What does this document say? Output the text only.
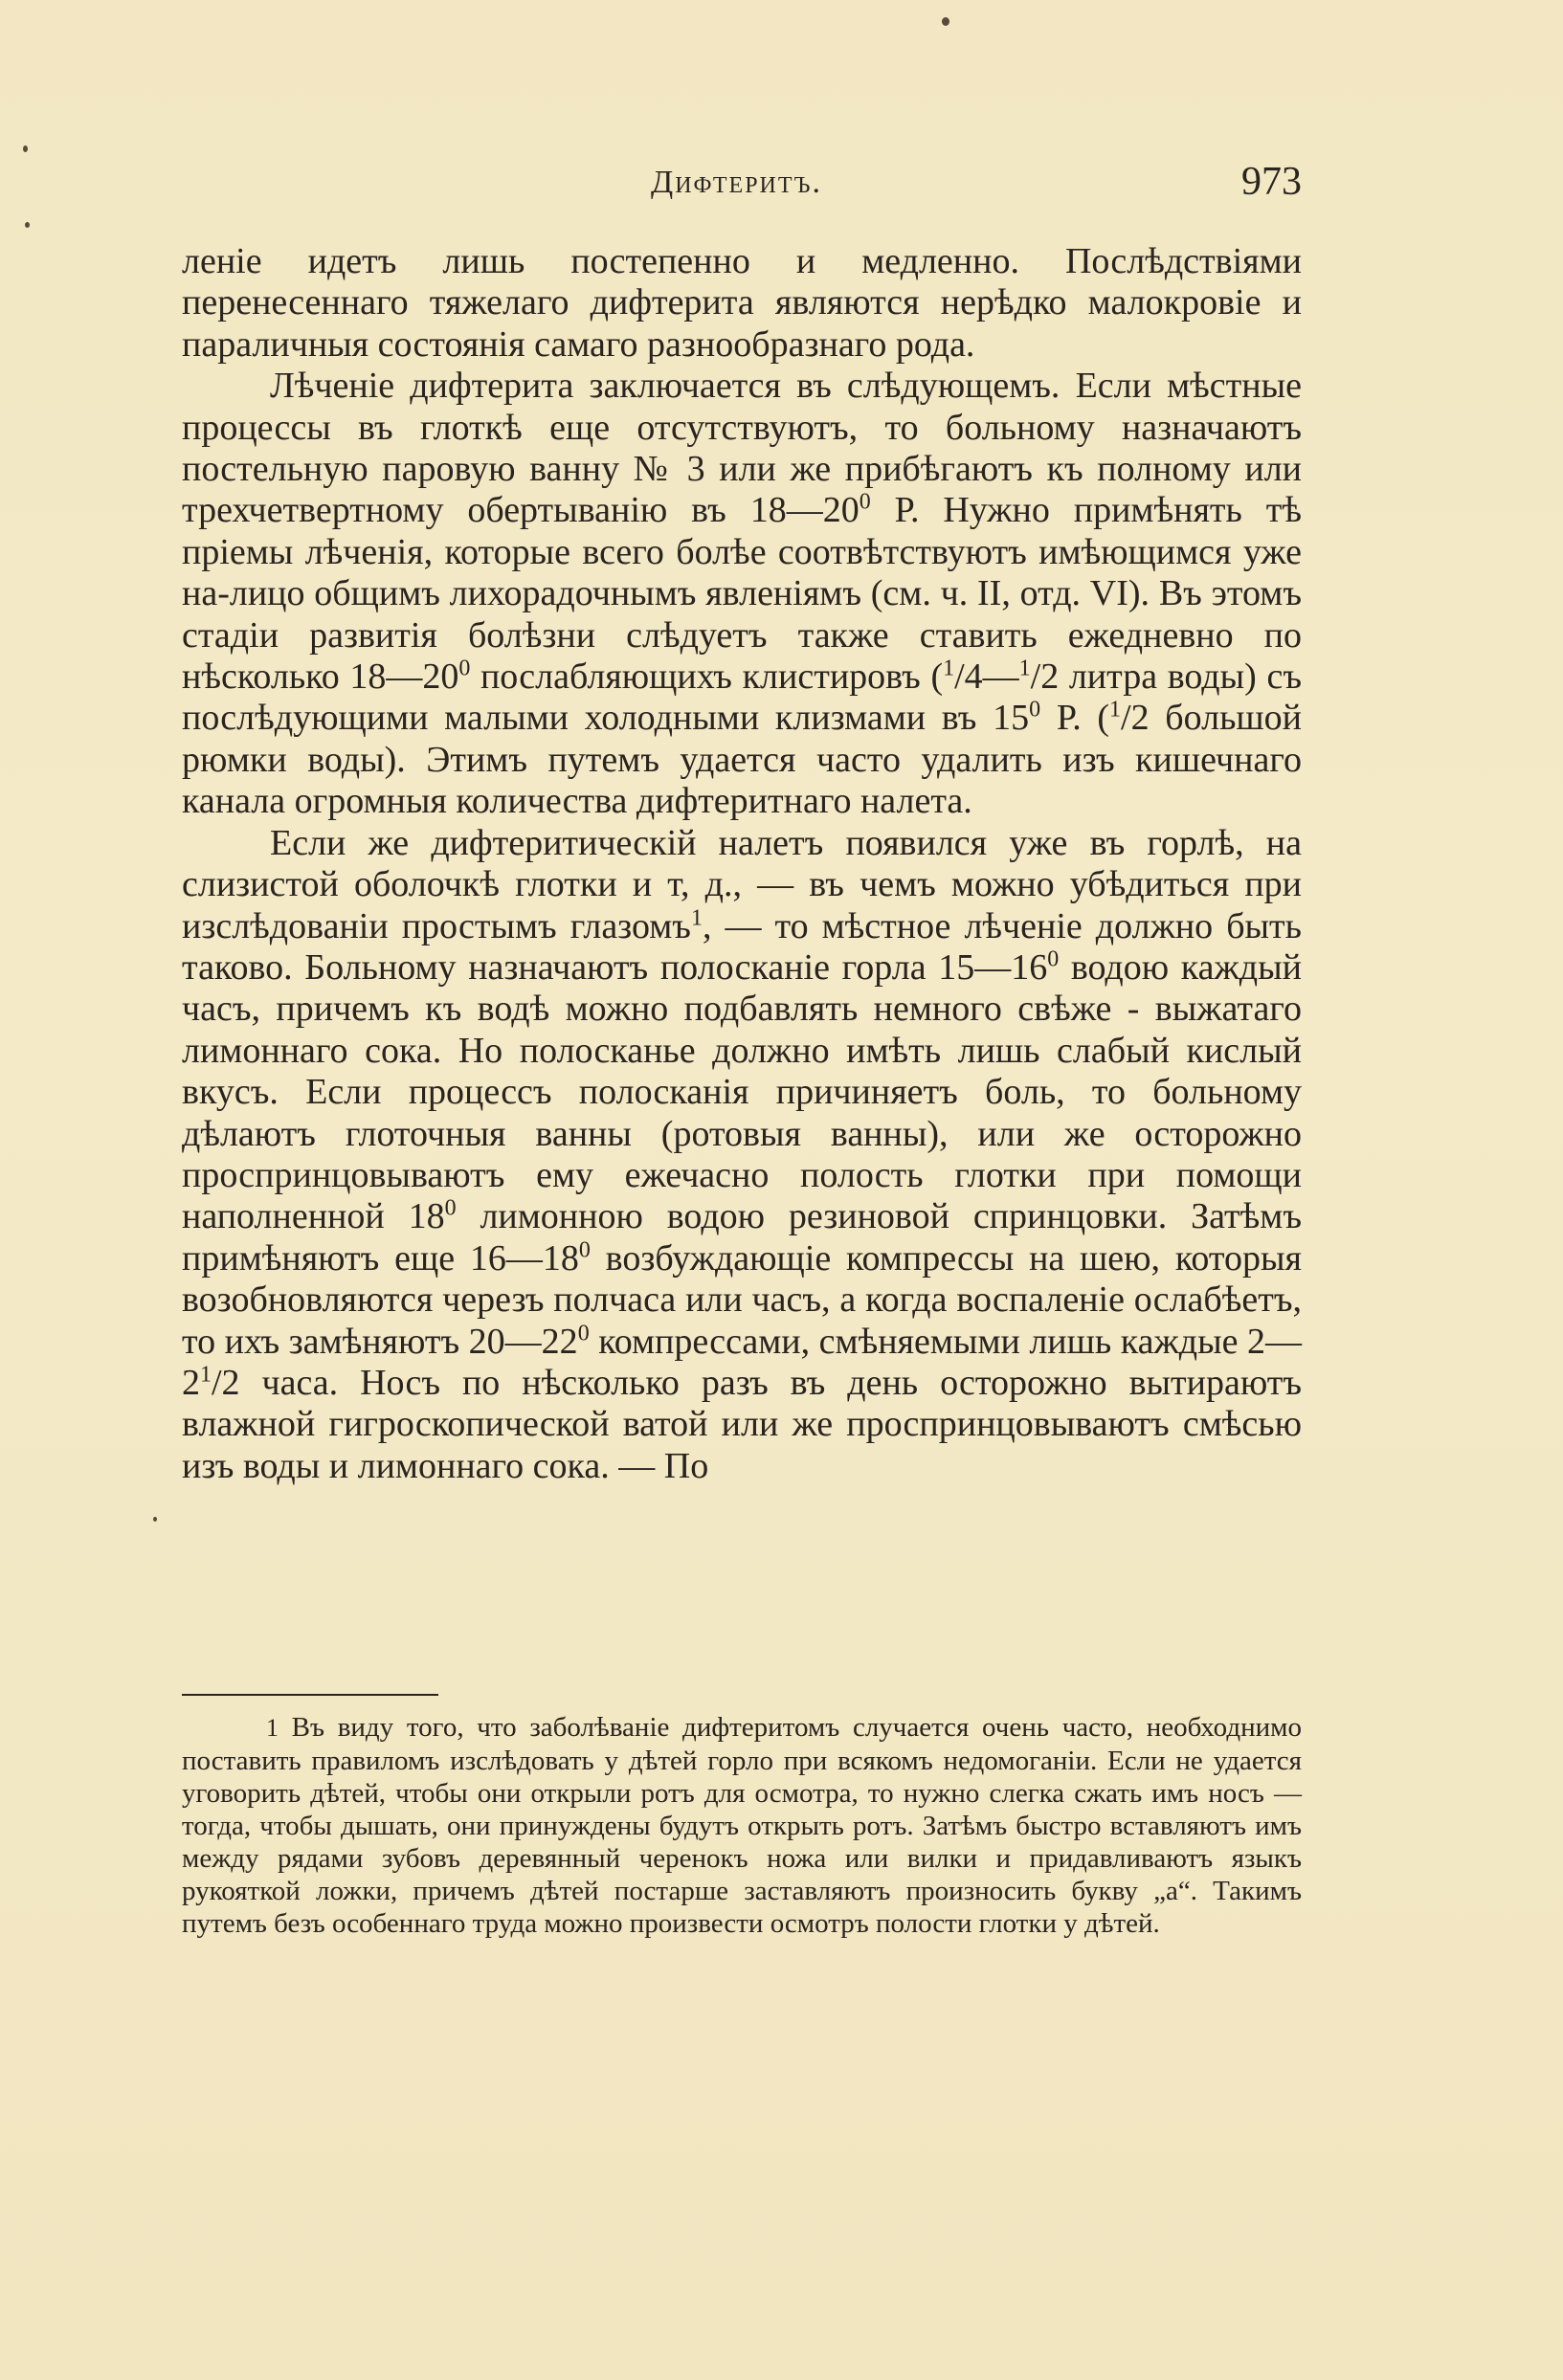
Дифтеритъ.	973

леніе идетъ лишь постепенно и медленно. Послѣдствіями перенесеннаго тяжелаго дифтерита являются нерѣдко малокровіе и параличныя состоянія самаго разнообразнаго рода.

Лѣченіе дифтерита заключается въ слѣдующемъ. Если мѣстные процессы въ глоткѣ еще отсутствуютъ, то больному назначаютъ постельную паровую ванну № 3 или же прибѣгаютъ къ полному или трехчетвертному обертыванію въ $18—20^0$ Р. Нужно примѣнять тѣ пріемы лѣченія, которые всего болѣе соотвѣтствуютъ имѣющимся уже на-лицо общимъ лихорадочнымъ явленіямъ (см. ч. II, отд. VI). Въ этомъ стадіи развитія болѣзни слѣдуетъ также ставить ежедневно по нѣсколько $18—20^0$ послабляющихъ клистировъ ($^1$/4—$^1$/2 литра воды) съ послѣдующими малыми холодными клизмами въ $15^0$ Р. ($^1$/2 большой рюмки воды). Этимъ путемъ удается часто удалить изъ кишечнаго канала огромныя количества дифтеритнаго налета.

Если же дифтеритическій налетъ появился уже въ горлѣ, на слизистой оболочкѣ глотки и т, д., — въ чемъ можно убѣдиться при изслѣдованіи простымъ глазомъ$^1$, — то мѣстное лѣченіе должно быть таково. Больному назначаютъ полосканіе горла $15—16^0$ водою каждый часъ, причемъ къ водѣ можно подбавлять немного свѣже - выжатаго лимоннаго сока. Но полосканье должно имѣть лишь слабый кислый вкусъ. Если процессъ полосканія причиняетъ боль, то больному дѣлаютъ глоточныя ванны (ротовыя ванны), или же осторожно проспринцовываютъ ему ежечасно полость глотки при помощи наполненной $18^0$ лимонною водою резиновой спринцовки. Затѣмъ примѣняютъ еще $16—18^0$ возбуждающіе компрессы на шею, которыя возобновляются черезъ полчаса или часъ, а когда воспаленіе ослабѣетъ, то ихъ замѣняютъ $20—22^0$ компрессами, смѣняемыми лишь каждые $2—2^1/2$ часа. Носъ по нѣсколько разъ въ день осторожно вытираютъ влажной гигроскопической ватой или же проспринцовываютъ смѣсью изъ воды и лимоннаго сока. — По

1 Въ виду того, что заболѣваніе дифтеритомъ случается очень часто, необходнимо поставить правиломъ изслѣдовать у дѣтей горло при всякомъ недомоганіи. Если не удается уговорить дѣтей, чтобы они открыли ротъ для осмотра, то нужно слегка сжать имъ носъ — тогда, чтобы дышать, они принуждены будутъ открыть ротъ. Затѣмъ быстро вставляютъ имъ между рядами зубовъ деревянный черенокъ ножа или вилки и придавливаютъ языкъ рукояткой ложки, причемъ дѣтей постарше заставляютъ произносить букву „а“. Такимъ путемъ безъ особеннаго труда можно произвести осмотръ полости глотки у дѣтей.
